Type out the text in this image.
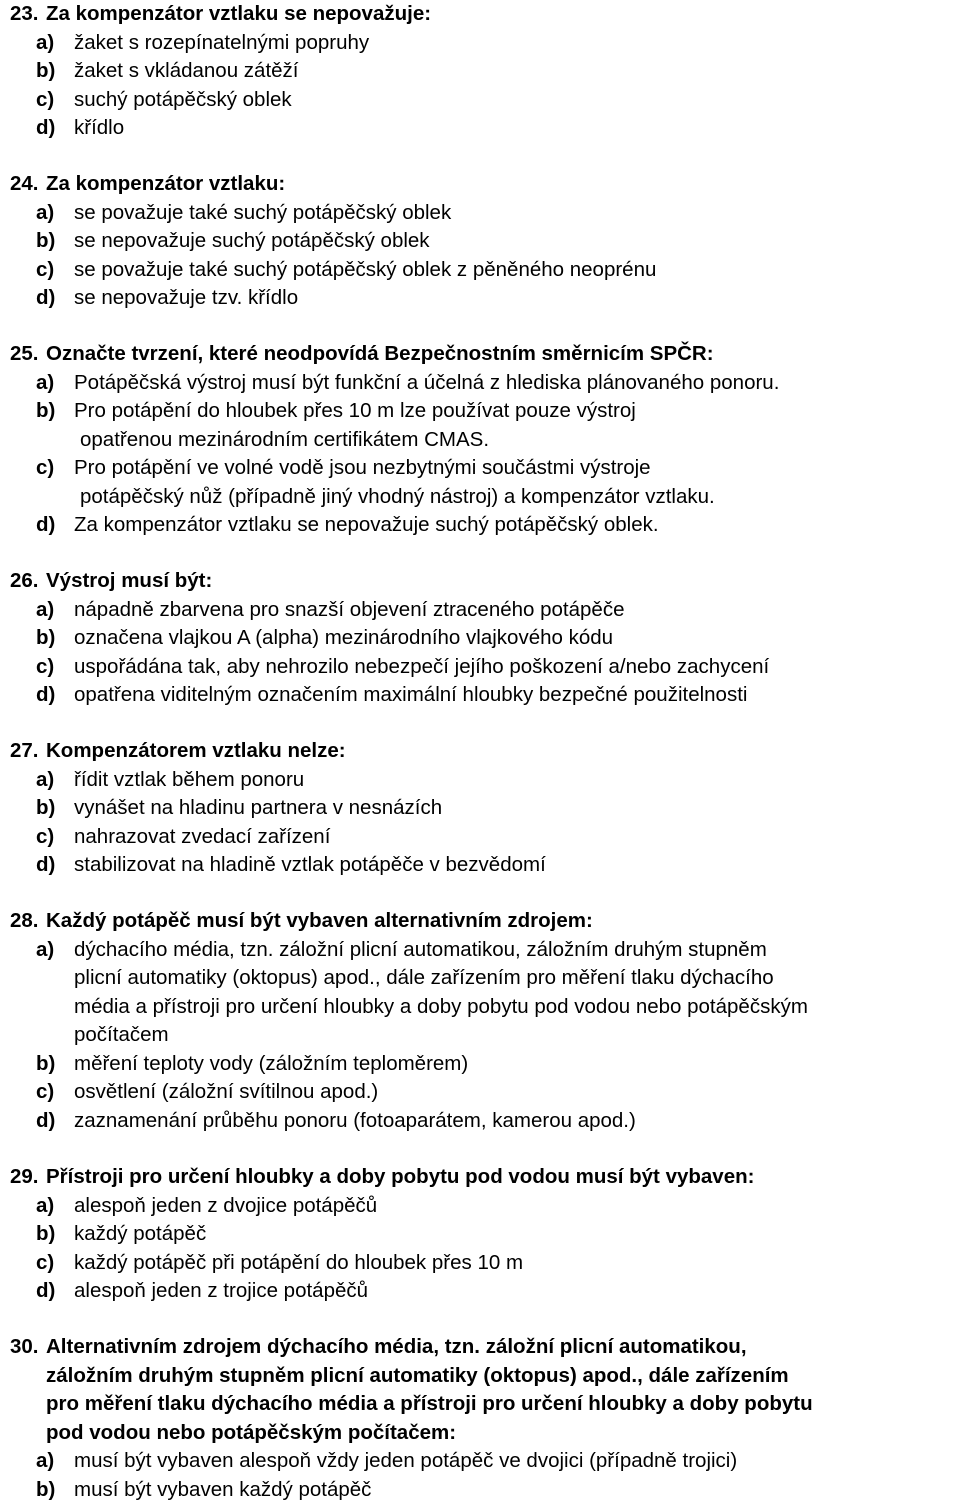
23. Za kompenzátor vztlaku se nepovažuje:
a) žaket s rozepínatelnými popruhy
b) žaket s vkládanou zátěží
c) suchý potápěčský oblek
d) křídlo
24. Za kompenzátor vztlaku:
a) se považuje také suchý potápěčský oblek
b) se nepovažuje suchý potápěčský oblek
c) se považuje také suchý potápěčský oblek z pěněného neoprénu
d) se nepovažuje tzv. křídlo
25. Označte tvrzení, které neodpovídá Bezpečnostním směrnicím SPČR:
a) Potápěčská výstroj musí být funkční a účelná z hlediska plánovaného ponoru.
b) Pro potápění do hloubek přes 10 m lze používat pouze výstroj
opatřenou mezinárodním certifikátem CMAS.
c) Pro potápění ve volné vodě jsou nezbytnými součástmi výstroje
potápěčský nůž (případně jiný vhodný nástroj) a kompenzátor vztlaku.
d) Za kompenzátor vztlaku se nepovažuje suchý potápěčský oblek.
26. Výstroj musí být:
a) nápadně zbarvena pro snazší objevení ztraceného potápěče
b) označena vlajkou A (alpha) mezinárodního vlajkového kódu
c) uspořádána tak, aby nehrozilo nebezpečí jejího poškození a/nebo zachycení
d) opatřena viditelným označením maximální hloubky bezpečné použitelnosti
27. Kompenzátorem vztlaku nelze:
a) řídit vztlak během ponoru
b) vynášet na hladinu partnera v nesnázích
c) nahrazovat zvedací zařízení
d) stabilizovat na hladině vztlak potápěče v bezvědomí
28. Každý potápěč musí být vybaven alternativním zdrojem:
a) dýchacího média, tzn. záložní plicní automatikou, záložním druhým stupněm
plicní automatiky (oktopus) apod., dále zařízením pro měření tlaku dýchacího
média a přístroji pro určení hloubky a doby pobytu pod vodou nebo potápěčským
počítačem
b) měření teploty vody (záložním teploměrem)
c) osvětlení (záložní svítilnou apod.)
d) zaznamenání průběhu ponoru (fotoaparátem, kamerou apod.)
29. Přístroji pro určení hloubky a doby pobytu pod vodou musí být vybaven:
a) alespoň jeden z dvojice potápěčů
b) každý potápěč
c) každý potápěč při potápění do hloubek přes 10 m
d) alespoň jeden z trojice potápěčů
30. Alternativním zdrojem dýchacího média, tzn. záložní plicní automatikou,
záložním druhým stupněm plicní automatiky (oktopus) apod., dále zařízením
pro měření tlaku dýchacího média a přístroji pro určení hloubky a doby pobytu
pod vodou nebo potápěčským počítačem:
a) musí být vybaven alespoň vždy jeden potápěč ve dvojici (případně trojici)
b) musí být vybaven každý potápěč
